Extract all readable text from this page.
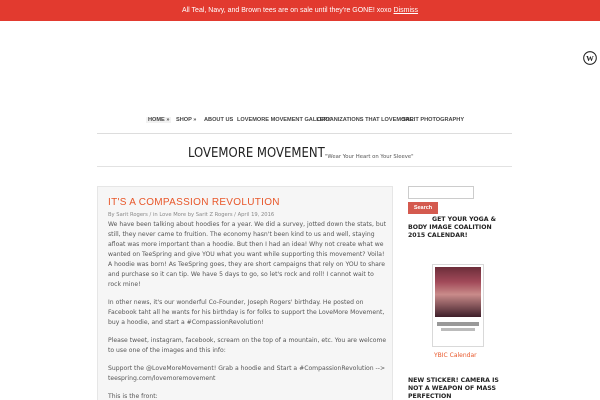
All Teal, Navy, and Brown tees are on sale until they're GONE! xoxo Dismiss
W
HOME »	SHOP » ABOUT US LOVEMORE MOVEMENT GALLERY
ORGANIZATIONS THAT LOVEMORE
SARIT PHOTOGRAPHY
LOVEMORE MOVEMENT "Wear Your Heart on Your Sleeve"
IT'S A COMPASSION REVOLUTION
By Sarit Rogers / in Love More by Sarit Z Rogers / April 19, 2016

We have been talking about hoodies for a year. We did a survey, jotted down the stats, but still, they never came to fruition. The economy hasn't been kind to us and well, staying afloat was more important than a hoodie. But then I had an idea! Why not create what we wanted on TeeSpring and give YOU what you want while supporting this movement? Voila! A hoodie was born! As TeeSpring goes, they are short campaigns that rely on YOU to share and purchase so it can tip. We have 5 days to go, so let's rock and roll! I cannot wait to rock mine!

In other news, it's our wonderful Co-Founder, Joseph Rogers' birthday. He posted on Facebook taht all he wants for his birthday is for folks to support the LoveMore Movement, buy a hoodie, and start a #CompassionRevolution!

Please tweet, instagram, facebook, scream on the top of a mountain, etc. You are welcome to use one of the images and this info:

Support the @LoveMoreMovement! Grab a hoodie and Start a #CompassionRevolution --> teespring.com/lovemoremovement

This is the front:

Search
GET YOUR YOGA & BODY IMAGE COALITION 2015 CALENDAR!
YBIC Calendar
NEW STICKER! CAMERA IS NOT A WEAPON OF MASS PERFECTION
